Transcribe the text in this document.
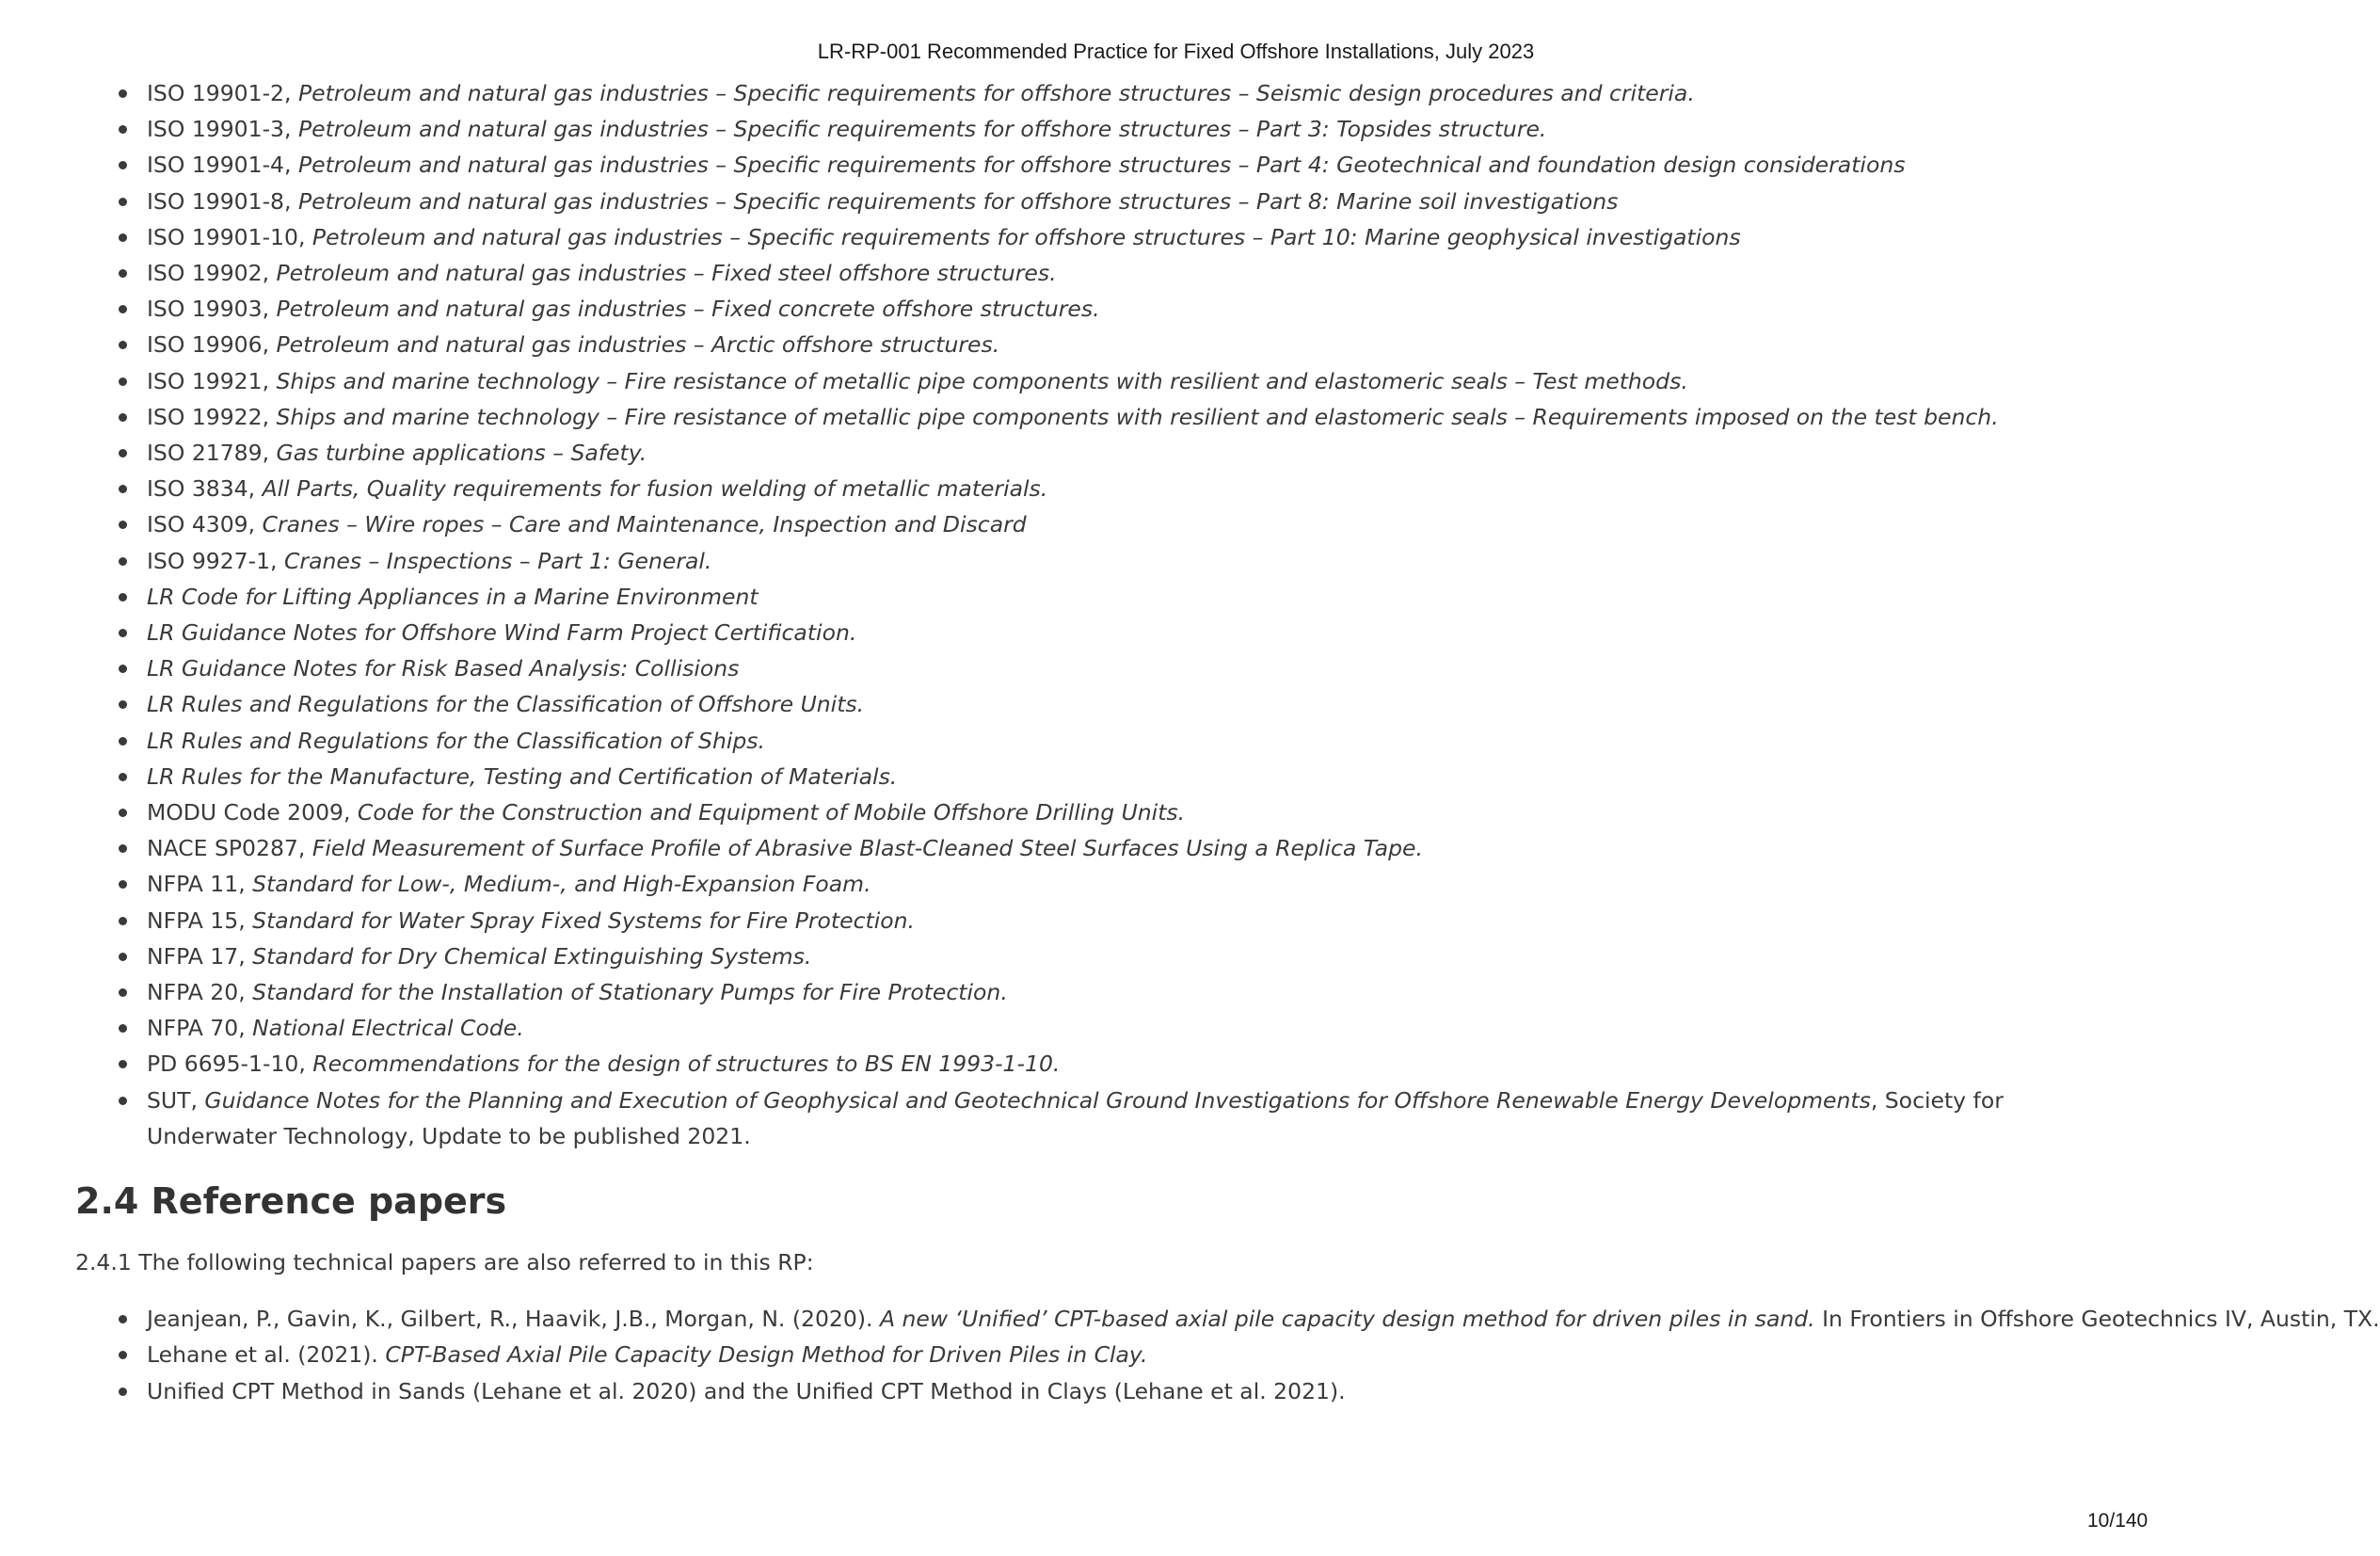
LR-RP-001 Recommended Practice for Fixed Offshore Installations, July 2023
ISO 19901-2, Petroleum and natural gas industries – Specific requirements for offshore structures – Seismic design procedures and criteria.
ISO 19901-3, Petroleum and natural gas industries – Specific requirements for offshore structures – Part 3: Topsides structure.
ISO 19901-4, Petroleum and natural gas industries – Specific requirements for offshore structures – Part 4: Geotechnical and foundation design considerations
ISO 19901-8, Petroleum and natural gas industries – Specific requirements for offshore structures – Part 8: Marine soil investigations
ISO 19901-10, Petroleum and natural gas industries – Specific requirements for offshore structures – Part 10: Marine geophysical investigations
ISO 19902, Petroleum and natural gas industries – Fixed steel offshore structures.
ISO 19903, Petroleum and natural gas industries – Fixed concrete offshore structures.
ISO 19906, Petroleum and natural gas industries – Arctic offshore structures.
ISO 19921, Ships and marine technology – Fire resistance of metallic pipe components with resilient and elastomeric seals – Test methods.
ISO 19922, Ships and marine technology – Fire resistance of metallic pipe components with resilient and elastomeric seals – Requirements imposed on the test bench.
ISO 21789, Gas turbine applications – Safety.
ISO 3834, All Parts, Quality requirements for fusion welding of metallic materials.
ISO 4309, Cranes – Wire ropes – Care and Maintenance, Inspection and Discard
ISO 9927-1, Cranes – Inspections – Part 1: General.
LR Code for Lifting Appliances in a Marine Environment
LR Guidance Notes for Offshore Wind Farm Project Certification.
LR Guidance Notes for Risk Based Analysis: Collisions
LR Rules and Regulations for the Classification of Offshore Units.
LR Rules and Regulations for the Classification of Ships.
LR Rules for the Manufacture, Testing and Certification of Materials.
MODU Code 2009, Code for the Construction and Equipment of Mobile Offshore Drilling Units.
NACE SP0287, Field Measurement of Surface Profile of Abrasive Blast-Cleaned Steel Surfaces Using a Replica Tape.
NFPA 11, Standard for Low-, Medium-, and High-Expansion Foam.
NFPA 15, Standard for Water Spray Fixed Systems for Fire Protection.
NFPA 17, Standard for Dry Chemical Extinguishing Systems.
NFPA 20, Standard for the Installation of Stationary Pumps for Fire Protection.
NFPA 70, National Electrical Code.
PD 6695-1-10, Recommendations for the design of structures to BS EN 1993-1-10.
SUT, Guidance Notes for the Planning and Execution of Geophysical and Geotechnical Ground Investigations for Offshore Renewable Energy Developments, Society for Underwater Technology, Update to be published 2021.
2.4 Reference papers

2.4.1 The following technical papers are also referred to in this RP:

Jeanjean, P., Gavin, K., Gilbert, R., Haavik, J.B., Morgan, N. (2020). A new ‘Unified’ CPT-based axial pile capacity design method for driven piles in sand. In Frontiers in Offshore Geotechnics IV, Austin, TX.
Lehane et al. (2021). CPT-Based Axial Pile Capacity Design Method for Driven Piles in Clay.
Unified CPT Method in Sands (Lehane et al. 2020) and the Unified CPT Method in Clays (Lehane et al. 2021).
10/140
